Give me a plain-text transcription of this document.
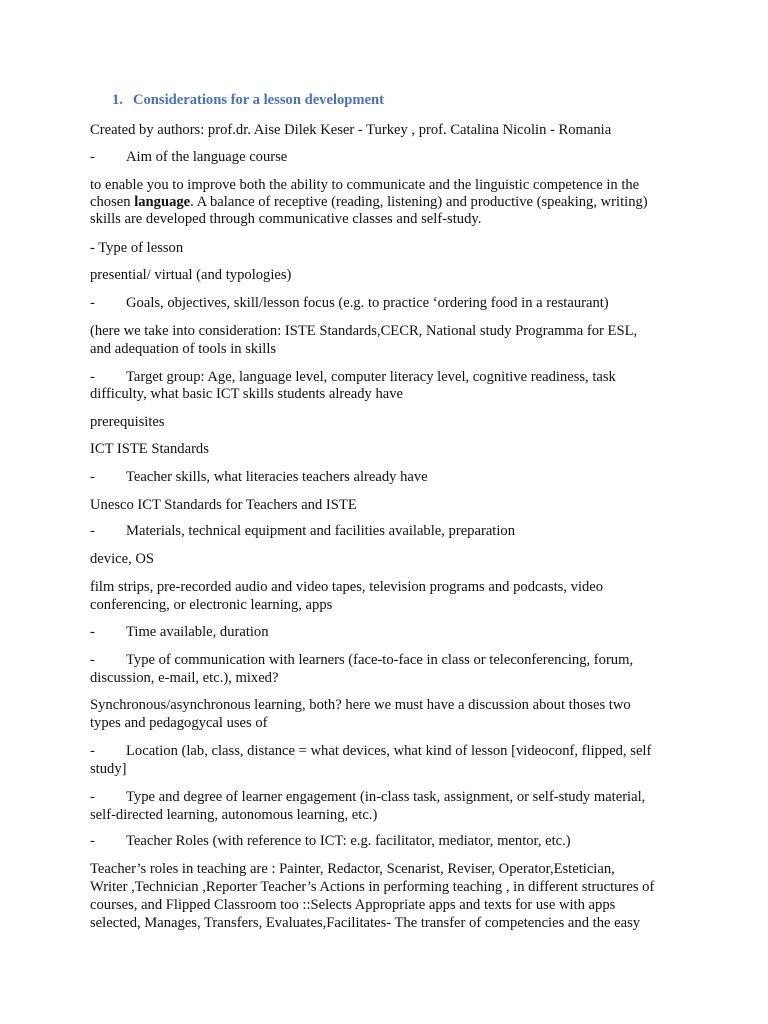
1. Considerations for a lesson development
Created by authors: prof.dr. Aise Dilek Keser - Turkey , prof. Catalina Nicolin - Romania
- Aim of the language course
to enable you to improve both the ability to communicate and the linguistic competence in the
chosen language. A balance of receptive (reading, listening) and productive (speaking, writing)
skills are developed through communicative classes and self-study.
- Type of lesson
presential/ virtual (and typologies)
- Goals, objectives, skill/lesson focus (e.g. to practice ‘ordering food in a restaurant)
(here we take into consideration: ISTE Standards,CECR, National study Programma for ESL,
and adequation of tools in skills
- Target group: Age, language level, computer literacy level, cognitive readiness, task
difficulty, what basic ICT skills students already have
prerequisites
ICT ISTE Standards
- Teacher skills, what literacies teachers already have
Unesco ICT Standards for Teachers and ISTE
- Materials, technical equipment and facilities available, preparation
device, OS
film strips, pre-recorded audio and video tapes, television programs and podcasts, video
conferencing, or electronic learning, apps
- Time available, duration
- Type of communication with learners (face-to-face in class or teleconferencing, forum,
discussion, e-mail, etc.), mixed?
Synchronous/asynchronous learning, both? here we must have a discussion about thoses two
types and pedagogycal uses of
- Location (lab, class, distance = what devices, what kind of lesson [videoconf, flipped, self
study]
- Type and degree of learner engagement (in-class task, assignment, or self-study material,
self-directed learning, autonomous learning, etc.)
- Teacher Roles (with reference to ICT: e.g. facilitator, mediator, mentor, etc.)
Teacher’s roles in teaching are : Painter, Redactor, Scenarist, Reviser, Operator,Estetician,
Writer ,Technician ,Reporter Teacher’s Actions in performing teaching , in different structures of
courses, and Flipped Classroom too ::Selects Appropriate apps and texts for use with apps
selected, Manages, Transfers, Evaluates,Facilitates- The transfer of competencies and the easy
